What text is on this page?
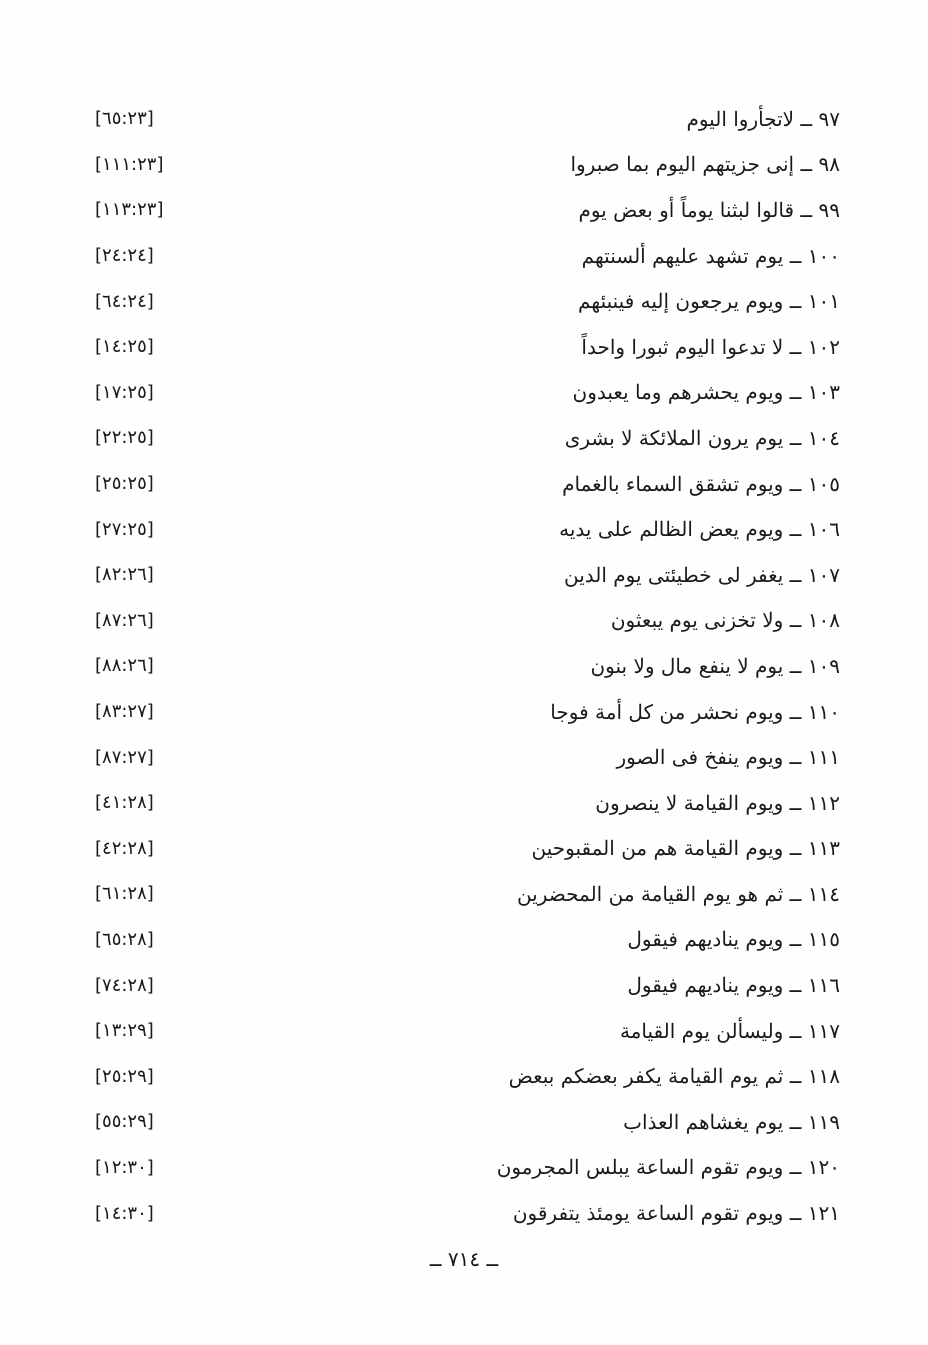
[٦٥:٢٣]	٩٧ ــ لاتجأروا اليوم
[١١١:٢٣]	٩٨ ــ إنى جزيتهم اليوم بما صبروا
[١١٣:٢٣]	٩٩ ــ قالوا لبثنا يوماً أو بعض يوم
[٢٤:٢٤]	١٠٠ ــ يوم تشهد عليهم ألسنتهم
[٦٤:٢٤]	١٠١ ــ ويوم يرجعون إليه فينبئهم
[١٤:٢٥]	١٠٢ ــ لا تدعوا اليوم ثبورا واحداً
[١٧:٢٥]	١٠٣ ــ ويوم يحشرهم وما يعبدون
[٢٢:٢٥]	١٠٤ ــ يوم يرون الملائكة لا بشرى
[٢٥:٢٥]	١٠٥ ــ ويوم تشقق السماء بالغمام
[٢٧:٢٥]	١٠٦ ــ ويوم يعض الظالم على يديه
[٨٢:٢٦]	١٠٧ ــ يغفر لى خطيئتى يوم الدين
[٨٧:٢٦]	١٠٨ ــ ولا تخزنى يوم يبعثون
[٨٨:٢٦]	١٠٩ ــ يوم لا ينفع مال ولا بنون
[٨٣:٢٧]	١١٠ ــ ويوم نحشر من كل أمة فوجا
[٨٧:٢٧]	١١١ ــ ويوم ينفخ فى الصور
[٤١:٢٨]	١١٢ ــ ويوم القيامة لا ينصرون
[٤٢:٢٨]	١١٣ ــ ويوم القيامة هم من المقبوحين
[٦١:٢٨]	١١٤ ــ ثم هو يوم القيامة من المحضرين
[٦٥:٢٨]	١١٥ ــ ويوم يناديهم فيقول
[٧٤:٢٨]	١١٦ ــ ويوم يناديهم فيقول
[١٣:٢٩]	١١٧ ــ وليسألن يوم القيامة
[٢٥:٢٩]	١١٨ ــ ثم يوم القيامة يكفر بعضكم ببعض
[٥٥:٢٩]	١١٩ ــ يوم يغشاهم العذاب
[١٢:٣٠]	١٢٠ ــ ويوم تقوم الساعة يبلس المجرمون
[١٤:٣٠]	١٢١ ــ ويوم تقوم الساعة يومئذ يتفرقون
ــ ٧١٤ ــ
